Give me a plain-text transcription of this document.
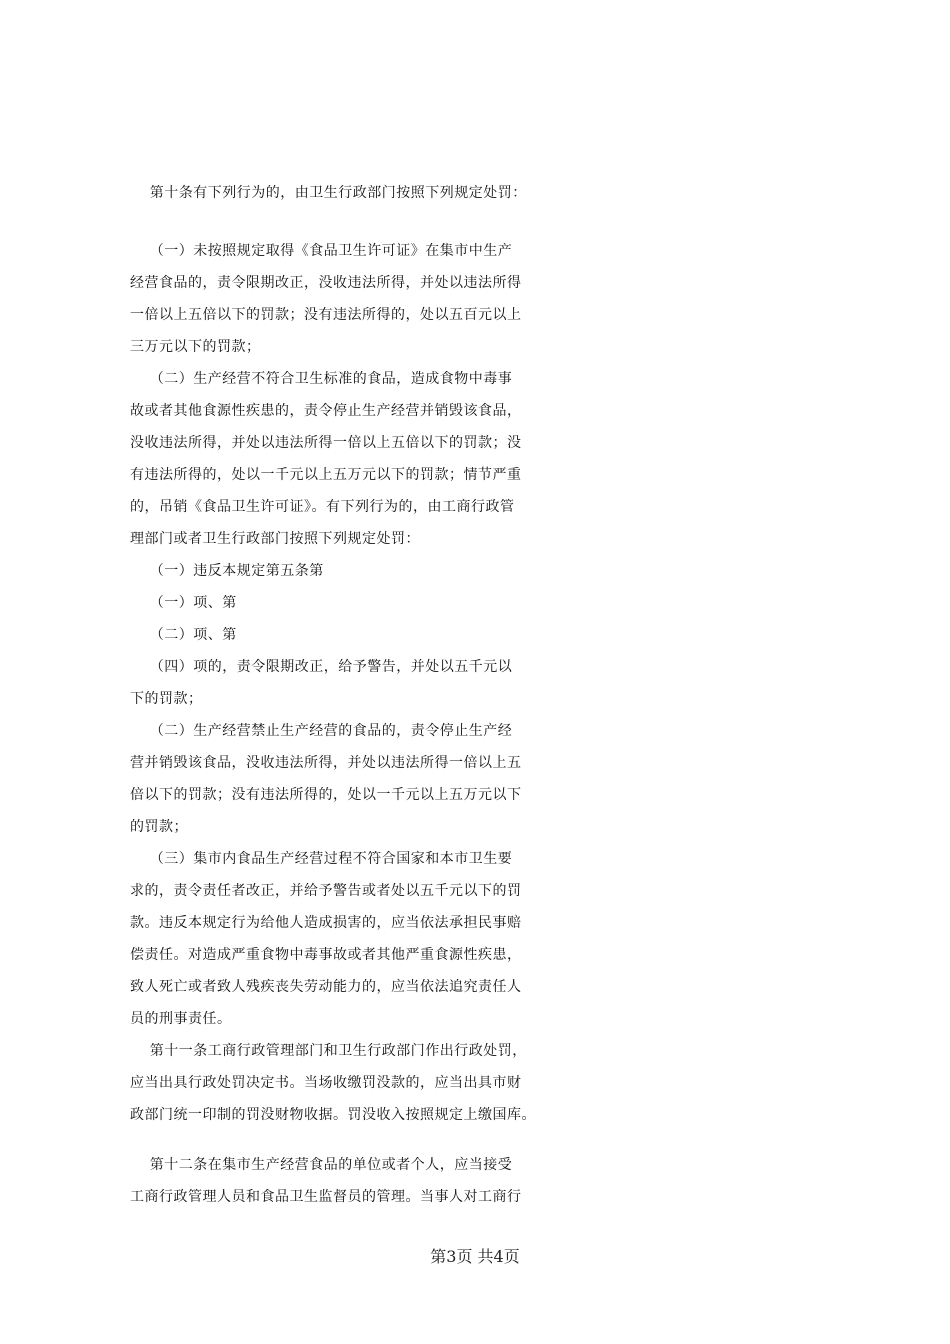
第十条有下列行为的，由卫生行政部门按照下列规定处罚：
（一）未按照规定取得《食品卫生许可证》在集市中生产
经营食品的，责令限期改正，没收违法所得，并处以违法所得
一倍以上五倍以下的罚款；没有违法所得的，处以五百元以上
三万元以下的罚款；
（二）生产经营不符合卫生标准的食品，造成食物中毒事
故或者其他食源性疾患的，责令停止生产经营并销毁该食品，
没收违法所得，并处以违法所得一倍以上五倍以下的罚款；没
有违法所得的，处以一千元以上五万元以下的罚款；情节严重
的，吊销《食品卫生许可证》。有下列行为的，由工商行政管
理部门或者卫生行政部门按照下列规定处罚：
（一）违反本规定第五条第
（一）项、第
（二）项、第
（四）项的，责令限期改正，给予警告，并处以五千元以
下的罚款；
（二）生产经营禁止生产经营的食品的，责令停止生产经
营并销毁该食品，没收违法所得，并处以违法所得一倍以上五
倍以下的罚款；没有违法所得的，处以一千元以上五万元以下
的罚款；
（三）集市内食品生产经营过程不符合国家和本市卫生要
求的，责令责任者改正，并给予警告或者处以五千元以下的罚
款。违反本规定行为给他人造成损害的，应当依法承担民事赔
偿责任。对造成严重食物中毒事故或者其他严重食源性疾患，
致人死亡或者致人残疾丧失劳动能力的，应当依法追究责任人
员的刑事责任。
第十一条工商行政管理部门和卫生行政部门作出行政处罚，
应当出具行政处罚决定书。当场收缴罚没款的，应当出具市财
政部门统一印制的罚没财物收据。罚没收入按照规定上缴国库。
第十二条在集市生产经营食品的单位或者个人，应当接受
工商行政管理人员和食品卫生监督员的管理。当事人对工商行
第3页 共4页
